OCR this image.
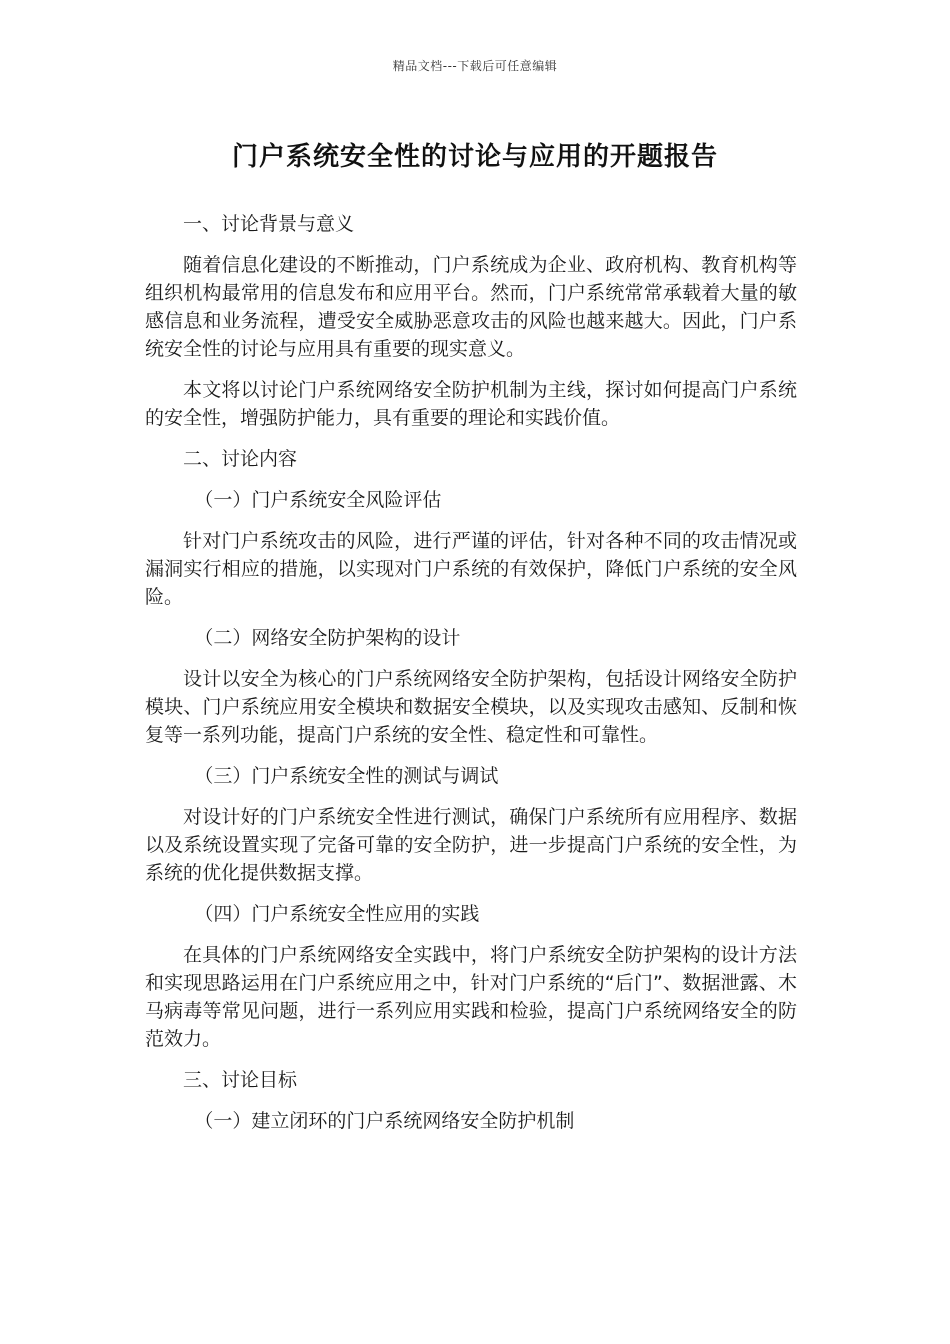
精品文档---下载后可任意编辑
门户系统安全性的讨论与应用的开题报告
一、讨论背景与意义

随着信息化建设的不断推动，门户系统成为企业、政府机构、教育机构等组织机构最常用的信息发布和应用平台。然而，门户系统常常承载着大量的敏感信息和业务流程，遭受安全威胁恶意攻击的风险也越来越大。因此，门户系统安全性的讨论与应用具有重要的现实意义。

本文将以讨论门户系统网络安全防护机制为主线，探讨如何提高门户系统的安全性，增强防护能力，具有重要的理论和实践价值。

二、讨论内容
（一）门户系统安全风险评估

针对门户系统攻击的风险，进行严谨的评估，针对各种不同的攻击情况或漏洞实行相应的措施，以实现对门户系统的有效保护，降低门户系统的安全风险。

（二）网络安全防护架构的设计

设计以安全为核心的门户系统网络安全防护架构，包括设计网络安全防护模块、门户系统应用安全模块和数据安全模块，以及实现攻击感知、反制和恢复等一系列功能，提高门户系统的安全性、稳定性和可靠性。

（三）门户系统安全性的测试与调试

对设计好的门户系统安全性进行测试，确保门户系统所有应用程序、数据以及系统设置实现了完备可靠的安全防护，进一步提高门户系统的安全性，为系统的优化提供数据支撑。

（四）门户系统安全性应用的实践

在具体的门户系统网络安全实践中，将门户系统安全防护架构的设计方法和实现思路运用在门户系统应用之中，针对门户系统的“后门”、数据泄露、木马病毒等常见问题，进行一系列应用实践和检验，提高门户系统网络安全的防范效力。

三、讨论目标
（一）建立闭环的门户系统网络安全防护机制
